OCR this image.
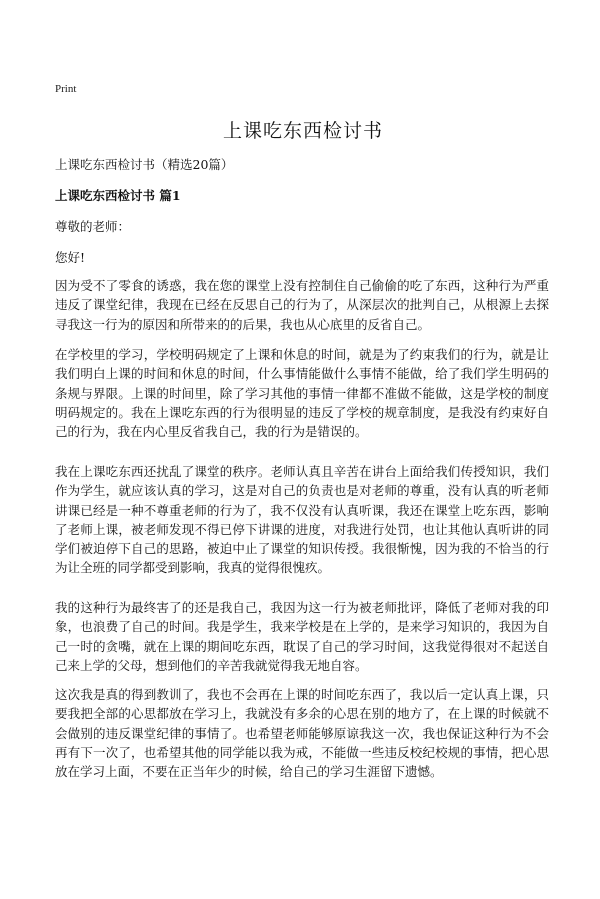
Print
上课吃东西检讨书
上课吃东西检讨书（精选20篇）
上课吃东西检讨书 篇1
尊敬的老师：
您好!

因为受不了零食的诱惑，我在您的课堂上没有控制住自己偷偷的吃了东西，这种行为严重违反了课堂纪律，我现在已经在反思自己的行为了，从深层次的批判自己，从根源上去探寻我这一行为的原因和所带来的的后果，我也从心底里的反省自己。

在学校里的学习，学校明码规定了上课和休息的时间，就是为了约束我们的行为，就是让我们明白上课的时间和休息的时间，什么事情能做什么事情不能做，给了我们学生明码的条规与界限。上课的时间里，除了学习其他的事情一律都不准做不能做，这是学校的制度明码规定的。我在上课吃东西的行为很明显的违反了学校的规章制度，是我没有约束好自己的行为，我在内心里反省我自己，我的行为是错误的。

我在上课吃东西还扰乱了课堂的秩序。老师认真且辛苦在讲台上面给我们传授知识，我们作为学生，就应该认真的学习，这是对自己的负责也是对老师的尊重，没有认真的听老师讲课已经是一种不尊重老师的行为了，我不仅没有认真听课，我还在课堂上吃东西，影响了老师上课，被老师发现不得已停下讲课的进度，对我进行处罚，也让其他认真听讲的同学们被迫停下自己的思路，被迫中止了课堂的知识传授。我很惭愧，因为我的不恰当的行为让全班的同学都受到影响，我真的觉得很愧疚。

我的这种行为最终害了的还是我自己，我因为这一行为被老师批评，降低了老师对我的印象，也浪费了自己的时间。我是学生，我来学校是在上学的，是来学习知识的，我因为自己一时的贪嘴，就在上课的期间吃东西，耽误了自己的学习时间，这我觉得很对不起送自己来上学的父母，想到他们的辛苦我就觉得我无地自容。

这次我是真的得到教训了，我也不会再在上课的时间吃东西了，我以后一定认真上课，只要我把全部的心思都放在学习上，我就没有多余的心思在别的地方了，在上课的时候就不会做别的违反课堂纪律的事情了。也希望老师能够原谅我这一次，我也保证这种行为不会再有下一次了，也希望其他的同学能以我为戒，不能做一些违反校纪校规的事情，把心思放在学习上面，不要在正当年少的时候，给自己的学习生涯留下遗憾。
